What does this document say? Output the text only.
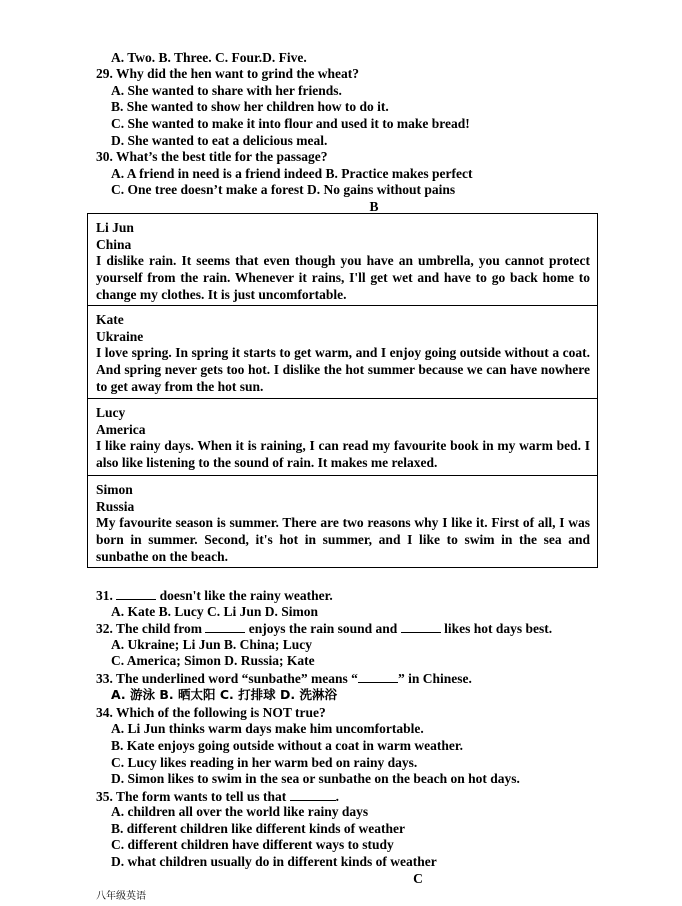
A. Two. B. Three. C. Four.D. Five.
29. Why did the hen want to grind the wheat?
A. She wanted to share with her friends.
B. She wanted to show her children how to do it.
C. She wanted to make it into flour and used it to make bread!
D. She wanted to eat a delicious meal.
30. What’s the best title for the passage?
A. A friend in need is a friend indeed B. Practice makes perfect
C. One tree doesn’t make a forest D. No gains without pains
B
Li Jun
China
I dislike rain. It seems that even though you have an umbrella, you cannot protect yourself from the rain. Whenever it rains, I'll get wet and have to go back home to change my clothes. It is just uncomfortable.
Kate
Ukraine
I love spring. In spring it starts to get warm, and I enjoy going outside without a coat. And spring never gets too hot. I dislike the hot summer because we can have nowhere to get away from the hot sun.
Lucy
America
I like rainy days. When it is raining, I can read my favourite book in my warm bed. I also like listening to the sound of rain. It makes me relaxed.
Simon
Russia
My favourite season is summer. There are two reasons why I like it. First of all, I was born in summer. Second, it's hot in summer, and I like to swim in the sea and sunbathe on the beach.
31.	doesn't like the rainy weather.
A. Kate B. Lucy C. Li Jun D. Simon
32. The child from	enjoys the rain sound and	likes hot days best.
A. Ukraine; Li Jun B. China; Lucy
C. America; Simon D. Russia; Kate
33. The underlined word “sunbathe” means “	” in Chinese.
A. 游泳 B. 晒太阳 C. 打排球 D. 洗淋浴
34. Which of the following is NOT true?
A. Li Jun thinks warm days make him uncomfortable.
B. Kate enjoys going outside without a coat in warm weather.
C. Lucy likes reading in her warm bed on rainy days.
D. Simon likes to swim in the sea or sunbathe on the beach on hot days.
35. The form wants to tell us that	.
A. children all over the world like rainy days
B. different children like different kinds of weather
C. different children have different ways to study
D. what children usually do in different kinds of weather
C
八年级英语
